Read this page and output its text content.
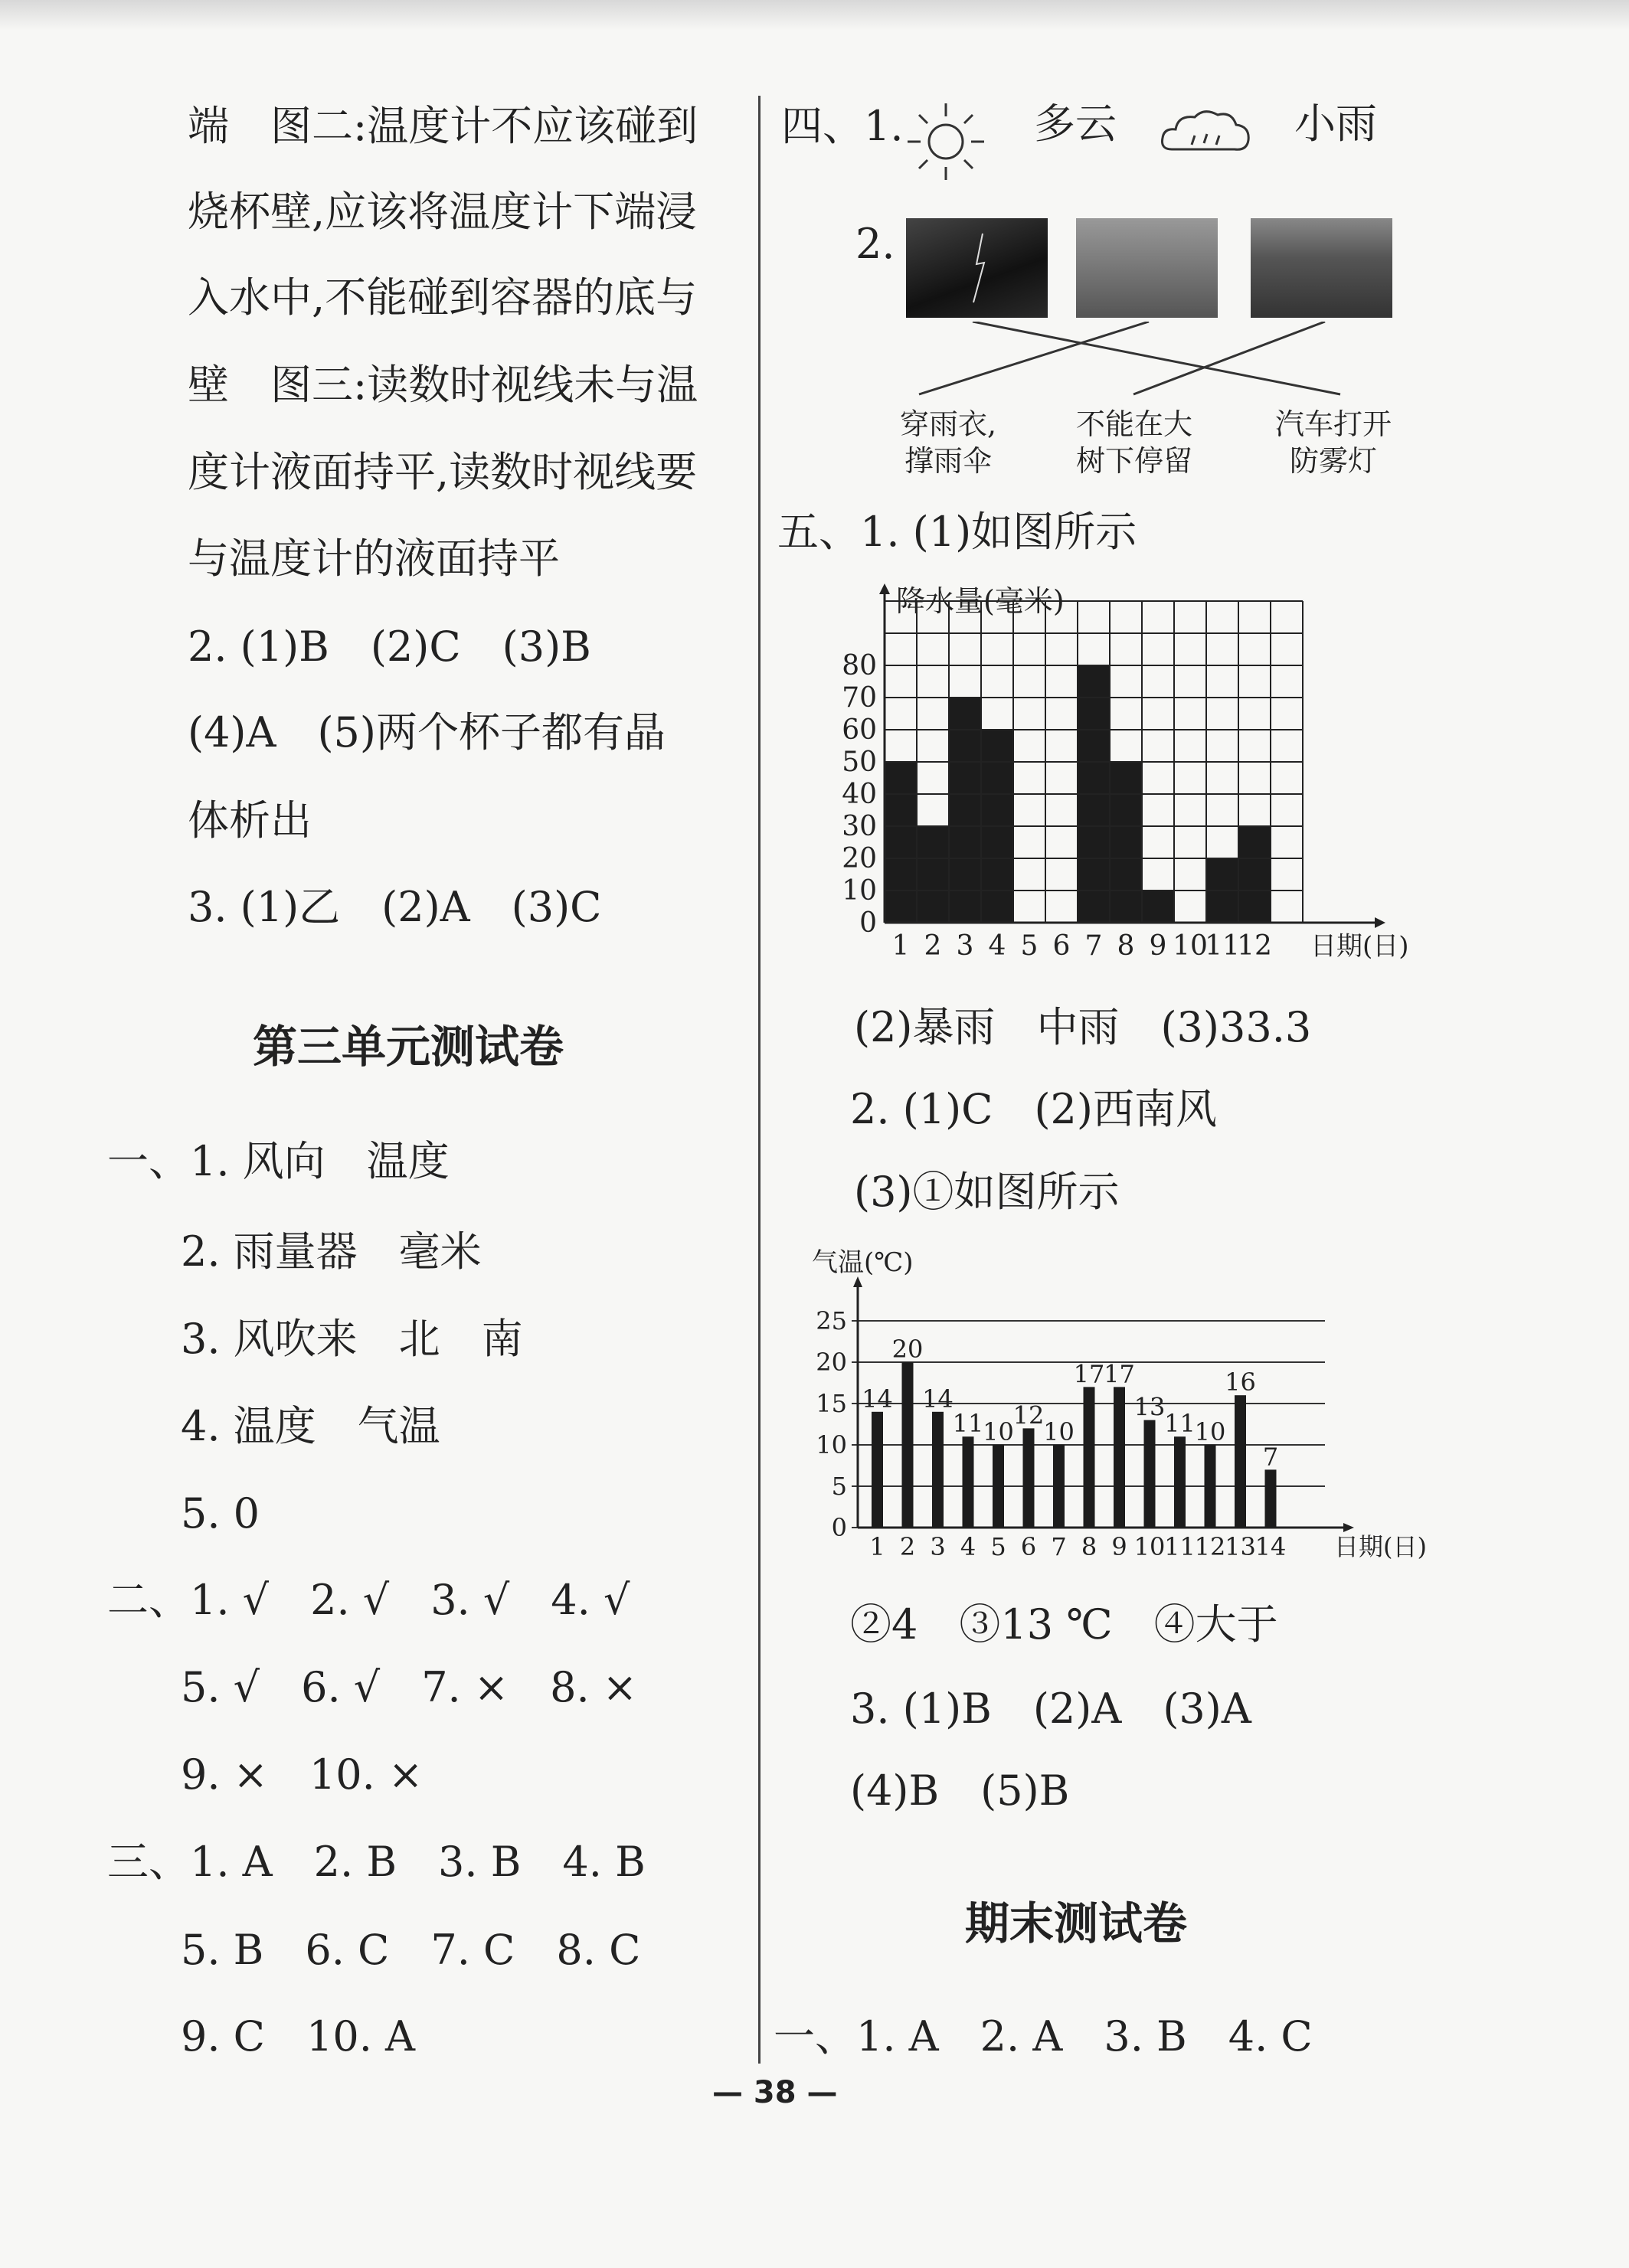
端　图二:温度计不应该碰到
烧杯壁,应该将温度计下端浸
入水中,不能碰到容器的底与
壁　图三:读数时视线未与温
度计液面持平,读数时视线要
与温度计的液面持平
2. (1)B　(2)C　(3)B
(4)A　(5)两个杯子都有晶
体析出
3. (1)乙　(2)A　(3)C
第三单元测试卷
一、1. 风向　温度
2. 雨量器　毫米
3. 风吹来　北　南
4. 温度　气温
5. 0
二、1. √　2. √　3. √　4. √
5. √　6. √　7. ×　8. ×
9. ×　10. ×
三、1. A　2. B　3. B　4. B
5. B　6. C　7. C　8. C
9. C　10. A
四、1.	多云	小雨
2.
穿雨衣,
撑雨伞
不能在大
树下停留
汽车打开
防雾灯
五、1. (1)如图所示
0
10
20
30
40
50
60
70
80
1 2 3 4 5 6 7 8 9 10
11
12
降水量(毫米)
日期(日)
(2)暴雨　中雨　(3)33.3
2. (1)C　(2)西南风
(3)①如图所示
0
5
10
15
20
25
14
1
20
2
14
3
11
4
10
5
12
6
10
7
17
8
17
9
13
10
11
11
10
12
16
13
7
14
气温(℃)
日期(日)
②4　③13 ℃　④大于
3. (1)B　(2)A　(3)A
(4)B　(5)B
期末测试卷
一、1. A　2. A　3. B　4. C
— 38 —
